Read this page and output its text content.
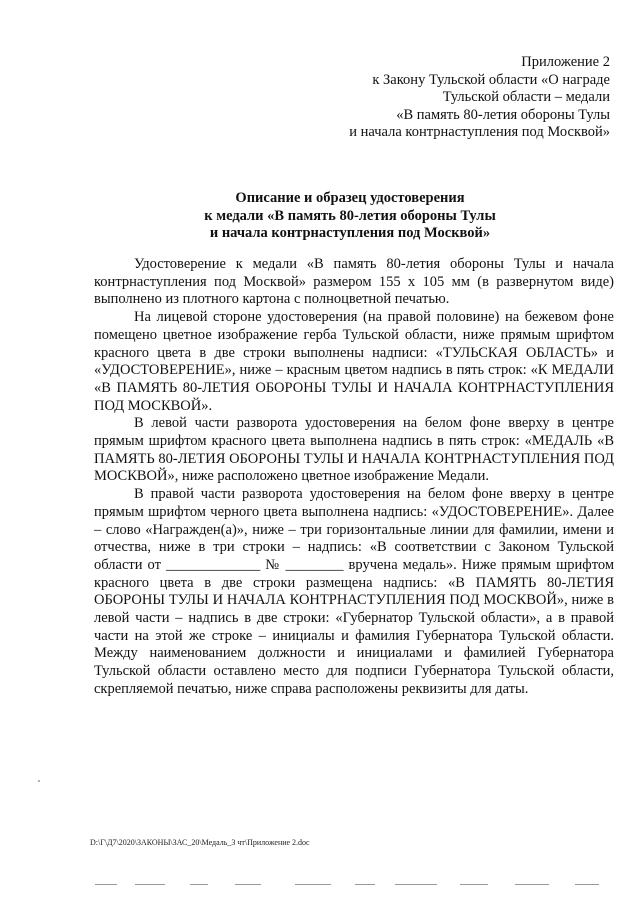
Приложение 2
к Закону Тульской области «О награде
Тульской области – медали
«В память 80-летия обороны Тулы
и начала контрнаступления под Москвой»
Описание и образец удостоверения
к медали «В память 80-летия обороны Тулы
и начала контрнаступления под Москвой»

Удостоверение к медали «В память 80-летия обороны Тулы и начала контрнаступления под Москвой» размером 155 х 105 мм (в развернутом виде) выполнено из плотного картона с полноцветной печатью.

На лицевой стороне удостоверения (на правой половине) на бежевом фоне помещено цветное изображение герба Тульской области, ниже прямым шрифтом красного цвета в две строки выполнены надписи: «ТУЛЬСКАЯ ОБЛАСТЬ» и «УДОСТОВЕРЕНИЕ», ниже – красным цветом надпись в пять строк: «К МЕДАЛИ «В ПАМЯТЬ 80-ЛЕТИЯ ОБОРОНЫ ТУЛЫ И НАЧАЛА КОНТРНАСТУПЛЕНИЯ ПОД МОСКВОЙ».

В левой части разворота удостоверения на белом фоне вверху в центре прямым шрифтом красного цвета выполнена надпись в пять строк: «МЕДАЛЬ «В ПАМЯТЬ 80-ЛЕТИЯ ОБОРОНЫ ТУЛЫ И НАЧАЛА КОНТРНАСТУПЛЕНИЯ ПОД МОСКВОЙ», ниже расположено цветное изображение Медали.

В правой части разворота удостоверения на белом фоне вверху в центре прямым шрифтом черного цвета выполнена надпись: «УДОСТОВЕРЕНИЕ». Далее – слово «Награжден(а)», ниже – три горизонтальные линии для фамилии, имени и отчества, ниже в три строки – надпись: «В соответствии с Законом Тульской области от _____________ № ________ вручена медаль». Ниже прямым шрифтом красного цвета в две строки размещена надпись: «В ПАМЯТЬ 80-ЛЕТИЯ ОБОРОНЫ ТУЛЫ И НАЧАЛА КОНТРНАСТУПЛЕНИЯ ПОД МОСКВОЙ», ниже в левой части – надпись в две строки: «Губернатор Тульской области», а в правой части на этой же строке – инициалы и фамилия Губернатора Тульской области. Между наименованием должности и инициалами и фамилией Губернатора Тульской области оставлено место для подписи Губернатора Тульской области, скрепляемой печатью, ниже справа расположены реквизиты для даты.

D:\Г\Д7\2020\ЗАКОНЫ\ЗАС_20\Медаль_3 чт\Приложение 2.doc
